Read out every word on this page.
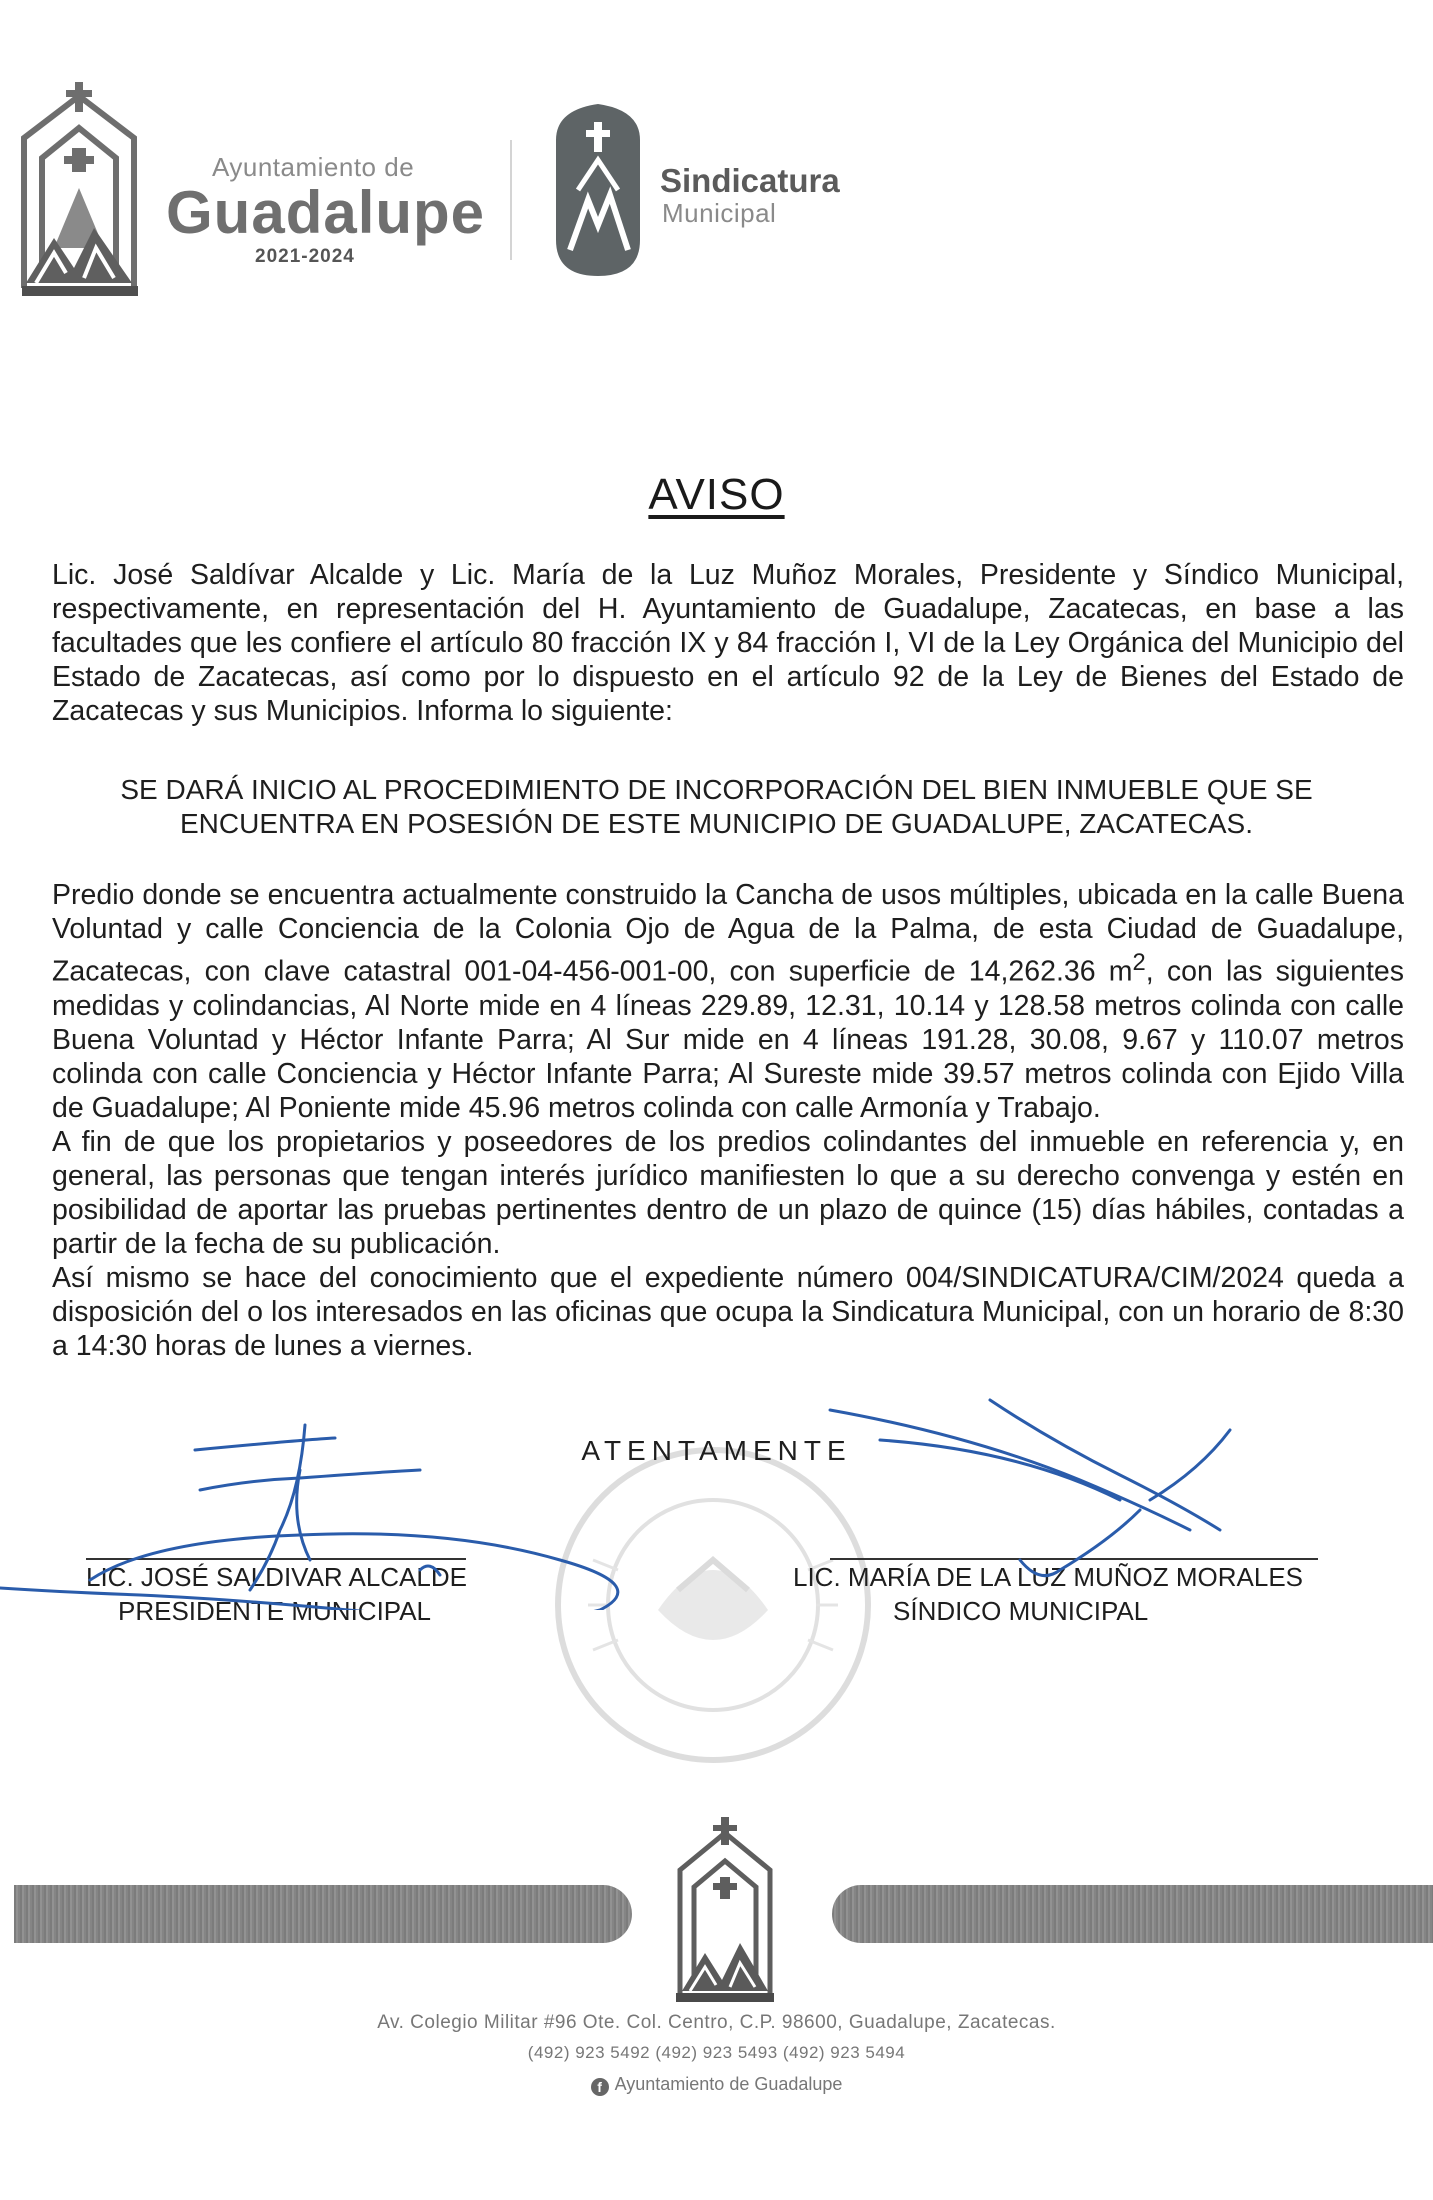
Ayuntamiento de
Guadalupe
2021-2024
Sindicatura
Municipal
AVISO

Lic. José Saldívar Alcalde y Lic. María de la Luz Muñoz Morales, Presidente y Síndico Municipal, respectivamente, en representación del H. Ayuntamiento de Guadalupe, Zacatecas, en base a las facultades que les confiere el artículo 80 fracción IX y 84 fracción I, VI de la Ley Orgánica del Municipio del Estado de Zacatecas, así como por lo dispuesto en el artículo 92 de la Ley de Bienes del Estado de Zacatecas y sus Municipios. Informa lo siguiente:

SE DARÁ INICIO AL PROCEDIMIENTO DE INCORPORACIÓN DEL BIEN INMUEBLE QUE SE
ENCUENTRA EN POSESIÓN DE ESTE MUNICIPIO DE GUADALUPE, ZACATECAS.

Predio donde se encuentra actualmente construido la Cancha de usos múltiples, ubicada en la calle Buena Voluntad y calle Conciencia de la Colonia Ojo de Agua de la Palma, de esta Ciudad de Guadalupe, Zacatecas, con clave catastral 001-04-456-001-00, con superficie de 14,262.36 $m^2$, con las siguientes medidas y colindancias, Al Norte mide en 4 líneas 229.89, 12.31, 10.14 y 128.58 metros colinda con calle Buena Voluntad y Héctor Infante Parra; Al Sur mide en 4 líneas 191.28, 30.08, 9.67 y 110.07 metros colinda con calle Conciencia y Héctor Infante Parra; Al Sureste mide 39.57 metros colinda con Ejido Villa de Guadalupe; Al Poniente mide 45.96 metros colinda con calle Armonía y Trabajo.

A fin de que los propietarios y poseedores de los predios colindantes del inmueble en referencia y, en general, las personas que tengan interés jurídico manifiesten lo que a su derecho convenga y estén en posibilidad de aportar las pruebas pertinentes dentro de un plazo de quince (15) días hábiles, contadas a partir de la fecha de su publicación.

Así mismo se hace del conocimiento que el expediente número 004/SINDICATURA/CIM/2024 queda a disposición del o los interesados en las oficinas que ocupa la Sindicatura Municipal, con un horario de 8:30 a 14:30 horas de lunes a viernes.

ATENTAMENTE
LIC. JOSÉ SALDIVAR ALCALDE
PRESIDENTE MUNICIPAL
LIC. MARÍA DE LA LUZ MUÑOZ MORALES
SÍNDICO MUNICIPAL
Av. Colegio Militar #96 Ote. Col. Centro, C.P. 98600, Guadalupe, Zacatecas.
(492) 923 5492 (492) 923 5493 (492) 923 5494
f Ayuntamiento de Guadalupe
